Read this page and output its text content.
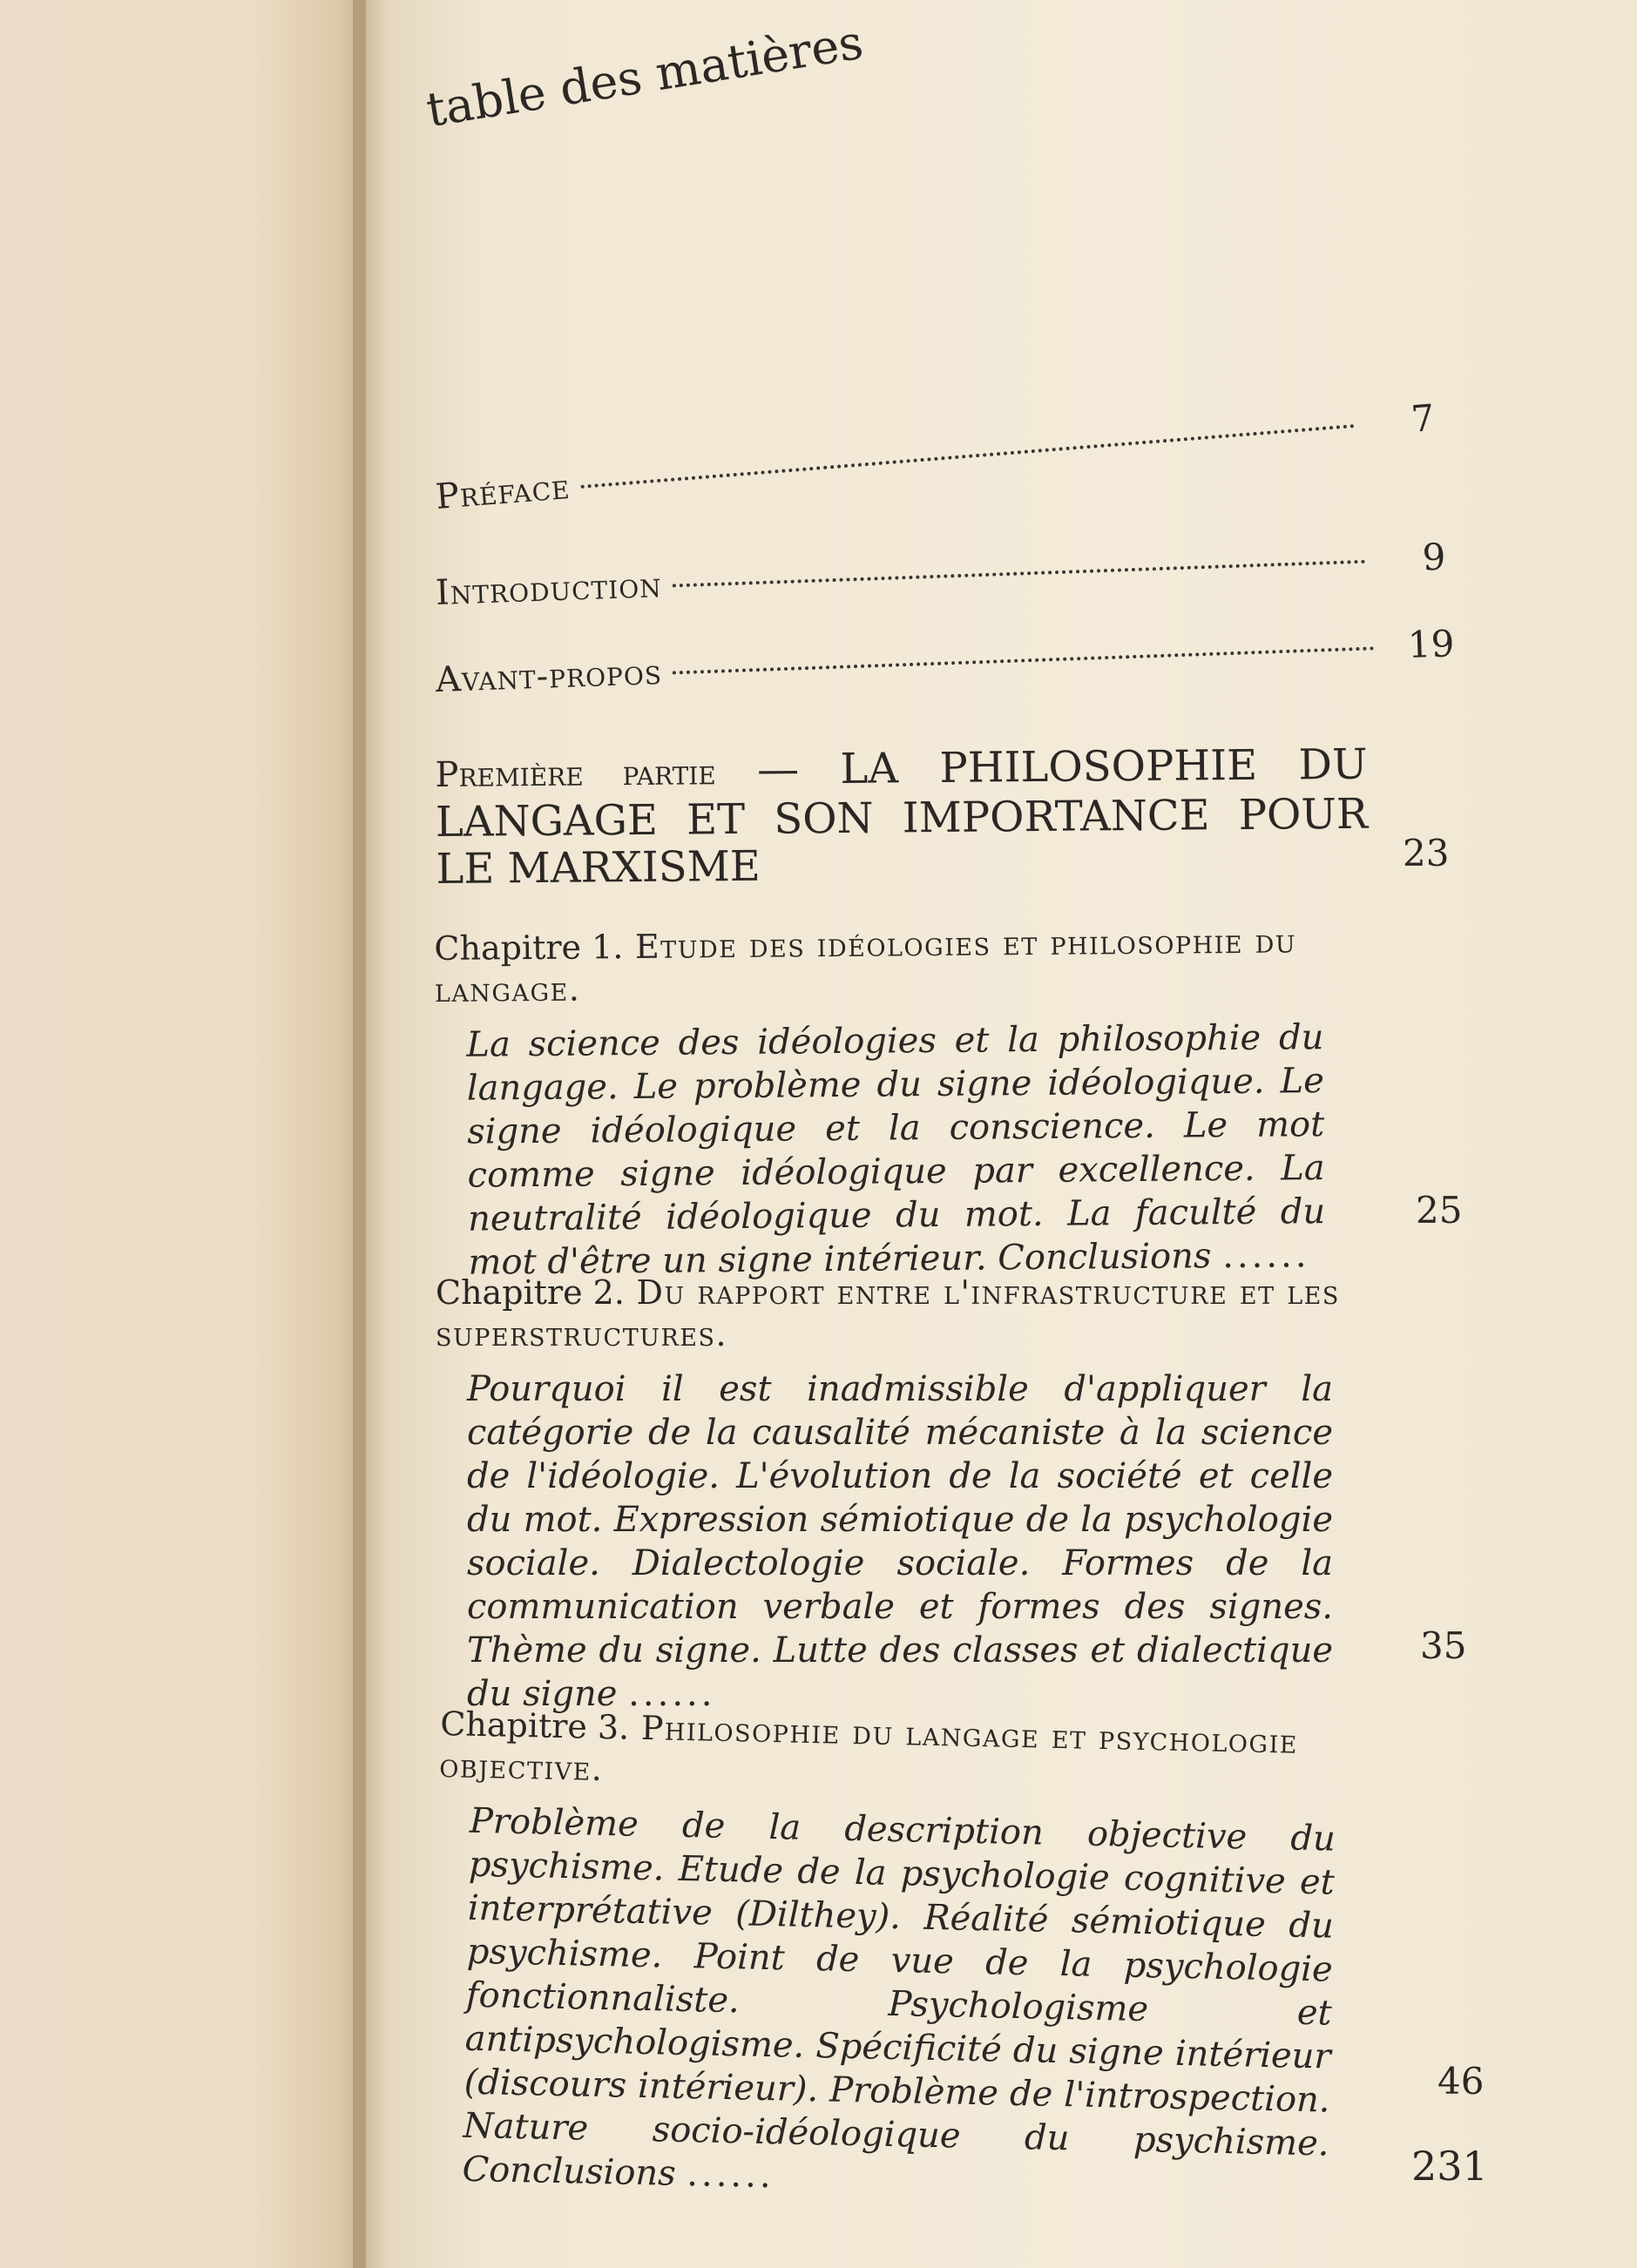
table des matières
Préface
7
Introduction
9
Avant-propos
19
Première partie — LA PHILOSOPHIE DU LANGAGE ET SON IMPORTANCE POUR LE MARXISME	23
Chapitre 1. Etude des idéologies et philosophie du langage.
La science des idéologies et la philosophie du langage. Le problème du signe idéologique. Le signe idéologique et la conscience. Le mot comme signe idéologique par excellence. La neutralité idéologique du mot. La faculté du mot d'être un signe intérieur. Conclusions ......
25
Chapitre 2. Du rapport entre l'infrastructure et les superstructures.
Pourquoi il est inadmissible d'appliquer la catégorie de la causalité mécaniste à la science de l'idéologie. L'évolution de la société et celle du mot. Expression sémiotique de la psychologie sociale. Dialectologie sociale. Formes de la communication verbale et formes des signes. Thème du signe. Lutte des classes et dialectique du signe ......
35
Chapitre 3. Philosophie du langage et psychologie objective.
Problème de la description objective du psychisme. Etude de la psychologie cognitive et interprétative (Dilthey). Réalité sémiotique du psychisme. Point de vue de la psychologie fonctionnaliste. Psychologisme et antipsychologisme. Spécificité du signe intérieur (discours intérieur). Problème de l'introspection. Nature socio-idéologique du psychisme. Conclusions ......
46
231
